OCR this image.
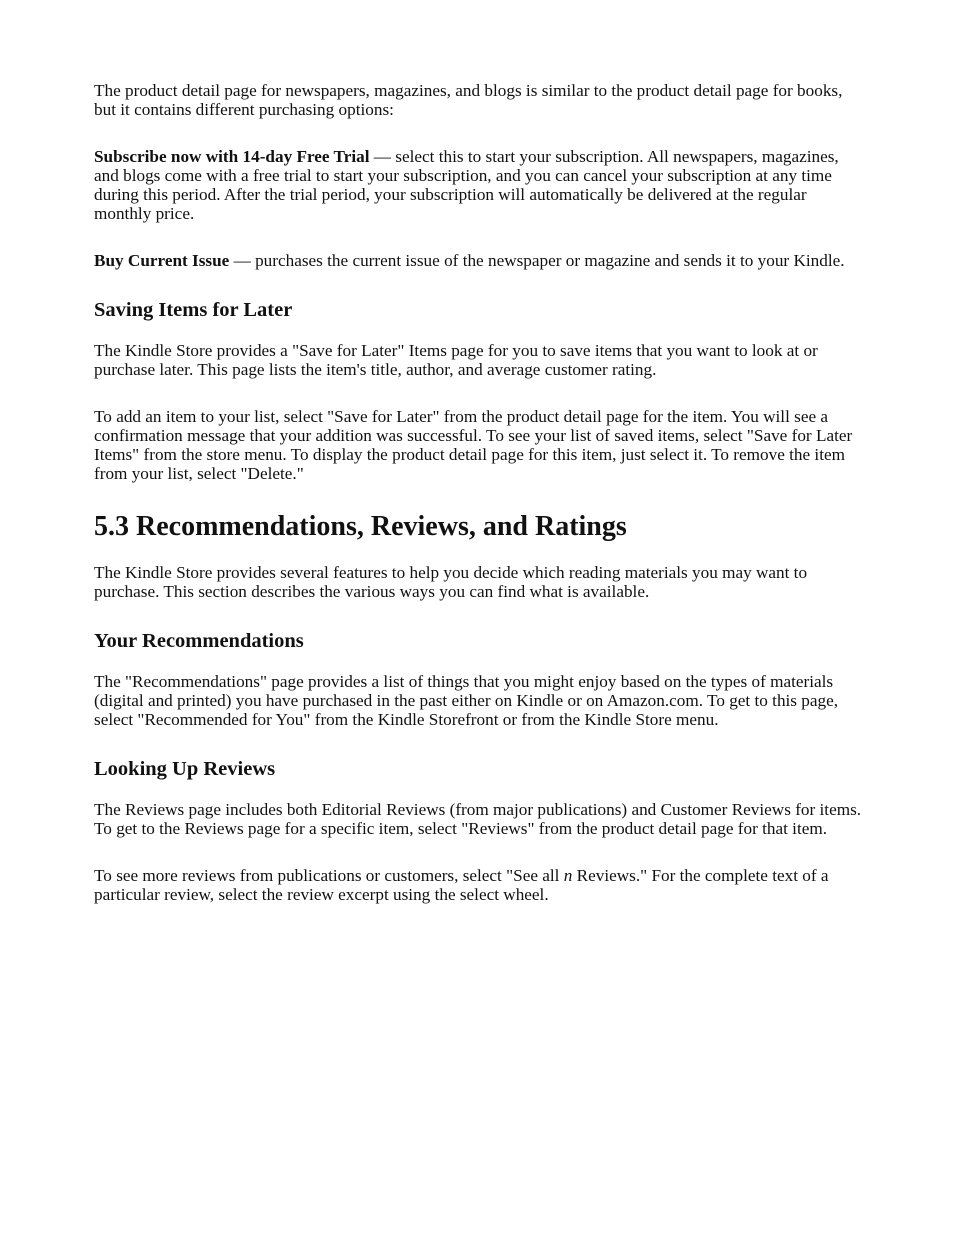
The product detail page for newspapers, magazines, and blogs is similar to the product detail page for books, but it contains different purchasing options:

Subscribe now with 14-day Free Trial — select this to start your subscription. All newspapers, magazines, and blogs come with a free trial to start your subscription, and you can cancel your subscription at any time during this period. After the trial period, your subscription will automatically be delivered at the regular monthly price.

Buy Current Issue — purchases the current issue of the newspaper or magazine and sends it to your Kindle.

Saving Items for Later

The Kindle Store provides a "Save for Later" Items page for you to save items that you want to look at or purchase later. This page lists the item's title, author, and average customer rating.

To add an item to your list, select "Save for Later" from the product detail page for the item. You will see a confirmation message that your addition was successful. To see your list of saved items, select "Save for Later Items" from the store menu. To display the product detail page for this item, just select it. To remove the item from your list, select "Delete."

5.3 Recommendations, Reviews, and Ratings

The Kindle Store provides several features to help you decide which reading materials you may want to purchase. This section describes the various ways you can find what is available.

Your Recommendations

The "Recommendations" page provides a list of things that you might enjoy based on the types of materials (digital and printed) you have purchased in the past either on Kindle or on Amazon.com. To get to this page, select "Recommended for You" from the Kindle Storefront or from the Kindle Store menu.

Looking Up Reviews

The Reviews page includes both Editorial Reviews (from major publications) and Customer Reviews for items. To get to the Reviews page for a specific item, select "Reviews" from the product detail page for that item.

To see more reviews from publications or customers, select "See all n Reviews." For the complete text of a particular review, select the review excerpt using the select wheel.
